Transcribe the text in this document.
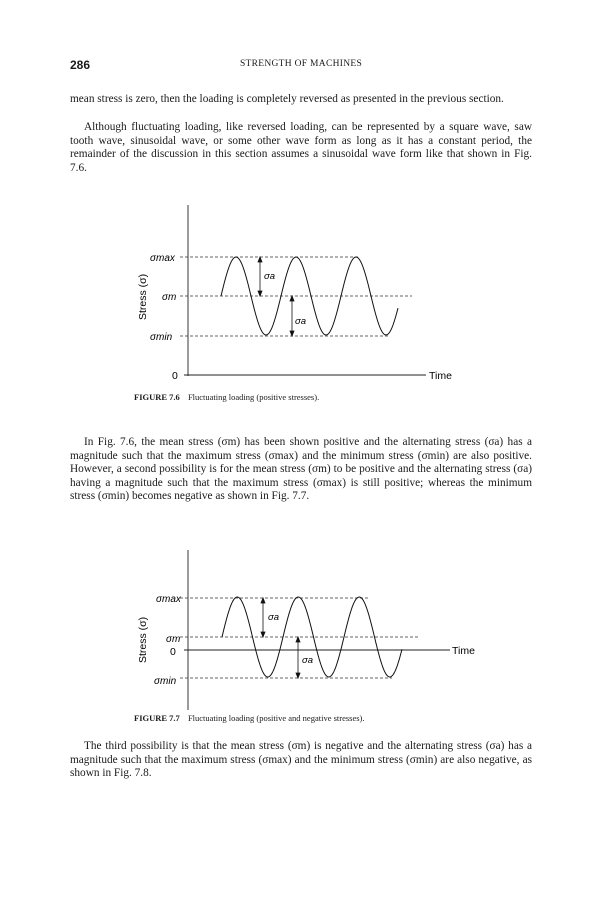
286	STRENGTH OF MACHINES

mean stress is zero, then the loading is completely reversed as presented in the previous section.

Although fluctuating loading, like reversed loading, can be represented by a square wave, saw tooth wave, sinusoidal wave, or some other wave form as long as it has a constant period, the remainder of the discussion in this section assumes a sinusoidal wave form like that shown in Fig. 7.6.

Stress (σ)
σmax
σm
σmin
0
σa
σa
Time
FIGURE 7.6 Fluctuating loading (positive stresses).

In Fig. 7.6, the mean stress (σm) has been shown positive and the alternating stress (σa) has a magnitude such that the maximum stress (σmax) and the minimum stress (σmin) are also positive. However, a second possibility is for the mean stress (σm) to be positive and the alternating stress (σa) having a magnitude such that the maximum stress (σmax) is still positive; whereas the minimum stress (σmin) becomes negative as shown in Fig. 7.7.

Stress (σ)
σmax
σm
0
σmin
σa
σa
Time
FIGURE 7.7 Fluctuating loading (positive and negative stresses).

The third possibility is that the mean stress (σm) is negative and the alternating stress (σa) has a magnitude such that the maximum stress (σmax) and the minimum stress (σmin) are also negative, as shown in Fig. 7.8.
